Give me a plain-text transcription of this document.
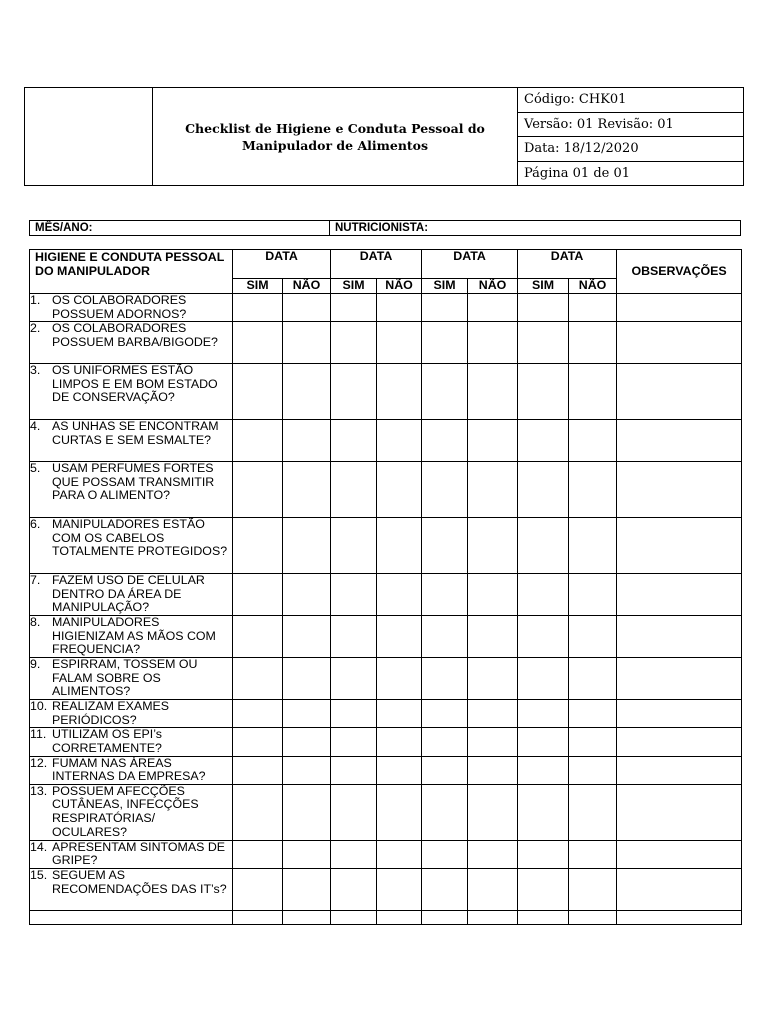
Checklist de Higiene e Conduta Pessoal do Manipulador de Alimentos
Código: CHK01
Versão: 01 Revisão: 01
Data: 18/12/2020
Página 01 de 01
MÊS/ANO:	NUTRICIONISTA:
HIGIENE E CONDUTA PESSOAL DO MANIPULADOR	DATA		DATA		DATA		DATA		OBSERVAÇÕES
	SIM	NÃO	SIM	NÃO	SIM	NÃO	SIM	NÃO	

1. OS COLABORADORES POSSUEM ADORNOS?									

2. OS COLABORADORES POSSUEM BARBA/BIGODE?									

3. OS UNIFORMES ESTÃO LIMPOS E EM BOM ESTADO DE CONSERVAÇÃO?									

4. AS UNHAS SE ENCONTRAM CURTAS E SEM ESMALTE?									

5. USAM PERFUMES FORTES QUE POSSAM TRANSMITIR PARA O ALIMENTO?									

6. MANIPULADORES ESTÃO COM OS CABELOS TOTALMENTE PROTEGIDOS?									

7. FAZEM USO DE CELULAR DENTRO DA ÁREA DE MANIPULAÇÃO?									

8. MANIPULADORES HIGIENIZAM AS MÃOS COM FREQUENCIA?									

9. ESPIRRAM, TOSSEM OU FALAM SOBRE OS ALIMENTOS?									

10. REALIZAM EXAMES PERIÓDICOS?									

11. UTILIZAM OS EPI’s CORRETAMENTE?									

12. FUMAM NAS ÁREAS INTERNAS DA EMPRESA?									

13. POSSUEM AFECÇÕES CUTÂNEAS, INFECÇÕES RESPIRATÓRIAS/ OCULARES?									

14. APRESENTAM SINTOMAS DE GRIPE?									

15. SEGUEM AS RECOMENDAÇÕES DAS IT’s?									
